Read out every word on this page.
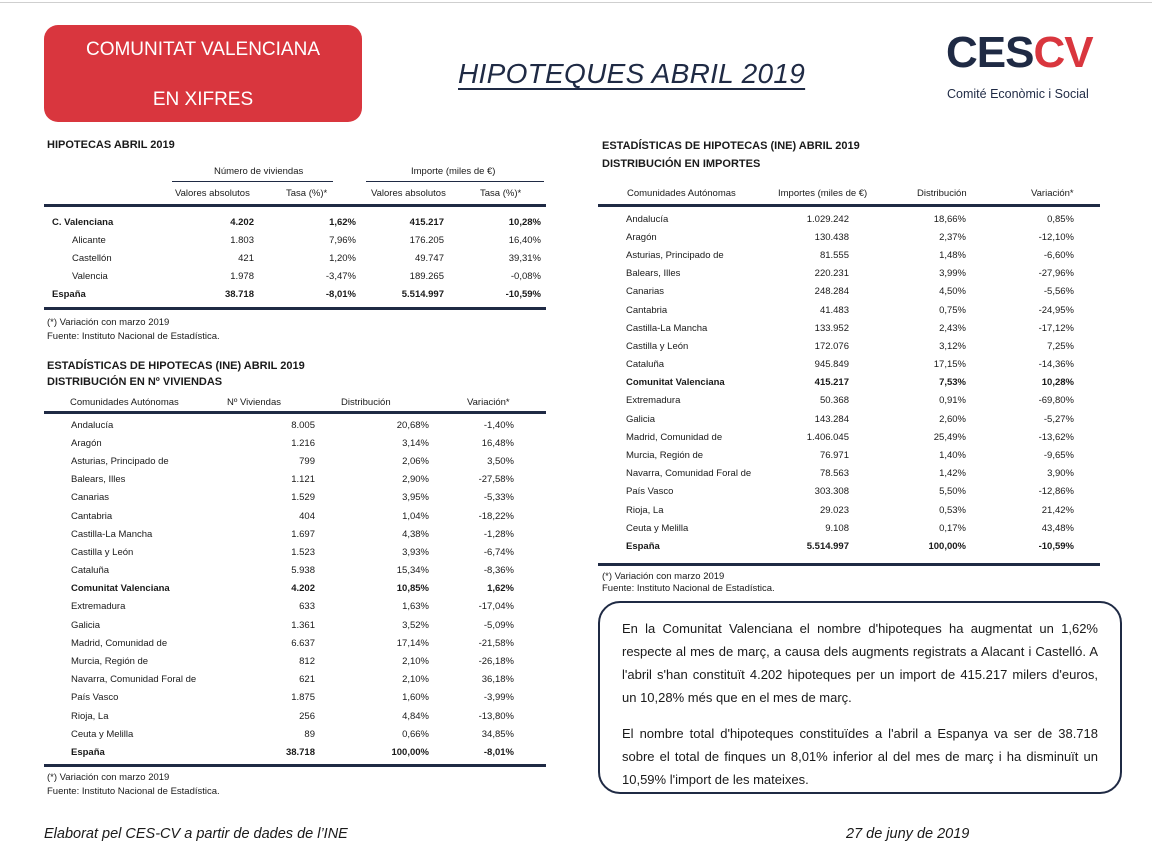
COMUNITAT VALENCIANA
EN XIFRES
HIPOTEQUES ABRIL 2019	CESCV
Comité Econòmic i Social
HIPOTECAS ABRIL 2019
Número de viviendas	Importe (miles de €)
Valores absolutos	Tasa (%)*	Valores absolutos	Tasa (%)*
C. Valenciana	4.202	1,62%	415.217	10,28%
Alicante	1.803	7,96%	176.205	16,40%
Castellón	421	1,20%	49.747	39,31%
Valencia	1.978	-3,47%	189.265	-0,08%
España	38.718	-8,01%	5.514.997	-10,59%
(*) Variación con marzo 2019
Fuente: Instituto Nacional de Estadística.
ESTADÍSTICAS DE HIPOTECAS (INE) ABRIL 2019
DISTRIBUCIÓN EN Nº VIVIENDAS
Comunidades Autónomas	Nº Viviendas	Distribución	Variación*
Andalucía	8.005	20,68%	-1,40%
Aragón	1.216	3,14%	16,48%
Asturias, Principado de	799	2,06%	3,50%
Balears, Illes	1.121	2,90%	-27,58%
Canarias	1.529	3,95%	-5,33%
Cantabria	404	1,04%	-18,22%
Castilla-La Mancha	1.697	4,38%	-1,28%
Castilla y León	1.523	3,93%	-6,74%
Cataluña	5.938	15,34%	-8,36%
Comunitat Valenciana	4.202	10,85%	1,62%
Extremadura	633	1,63%	-17,04%
Galicia	1.361	3,52%	-5,09%
Madrid, Comunidad de	6.637	17,14%	-21,58%
Murcia, Región de	812	2,10%	-26,18%
Navarra, Comunidad Foral de	621	2,10%	36,18%
País Vasco	1.875	1,60%	-3,99%
Rioja, La	256	4,84%	-13,80%
Ceuta y Melilla	89	0,66%	34,85%
España	38.718	100,00%	-8,01%
(*) Variación con marzo 2019
Fuente: Instituto Nacional de Estadística.
ESTADÍSTICAS DE HIPOTECAS (INE) ABRIL 2019
DISTRIBUCIÓN EN IMPORTES
Comunidades Autónomas	Importes (miles de €)	Distribución	Variación*
Andalucía	1.029.242	18,66%	0,85%
Aragón	130.438	2,37%	-12,10%
Asturias, Principado de	81.555	1,48%	-6,60%
Balears, Illes	220.231	3,99%	-27,96%
Canarias	248.284	4,50%	-5,56%
Cantabria	41.483	0,75%	-24,95%
Castilla-La Mancha	133.952	2,43%	-17,12%
Castilla y León	172.076	3,12%	7,25%
Cataluña	945.849	17,15%	-14,36%
Comunitat Valenciana	415.217	7,53%	10,28%
Extremadura	50.368	0,91%	-69,80%
Galicia	143.284	2,60%	-5,27%
Madrid, Comunidad de	1.406.045	25,49%	-13,62%
Murcia, Región de	76.971	1,40%	-9,65%
Navarra, Comunidad Foral de	78.563	1,42%	3,90%
País Vasco	303.308	5,50%	-12,86%
Rioja, La	29.023	0,53%	21,42%
Ceuta y Melilla	9.108	0,17%	43,48%
España	5.514.997	100,00%	-10,59%
(*) Variación con marzo 2019
Fuente: Instituto Nacional de Estadística.

En la Comunitat Valenciana el nombre d'hipoteques ha augmentat un 1,62% respecte al mes de març, a causa dels augments registrats a Alacant i Castelló. A l'abril s'han constituït 4.202 hipoteques per un import de 415.217 milers d'euros, un 10,28% més que en el mes de març.

El nombre total d'hipoteques constituïdes a l'abril a Espanya va ser de 38.718 sobre el total de finques un 8,01% inferior al del mes de març i ha disminuït un 10,59% l'import de les mateixes.

Elaborat pel CES-CV a partir de dades de l’INE	27 de juny de 2019
